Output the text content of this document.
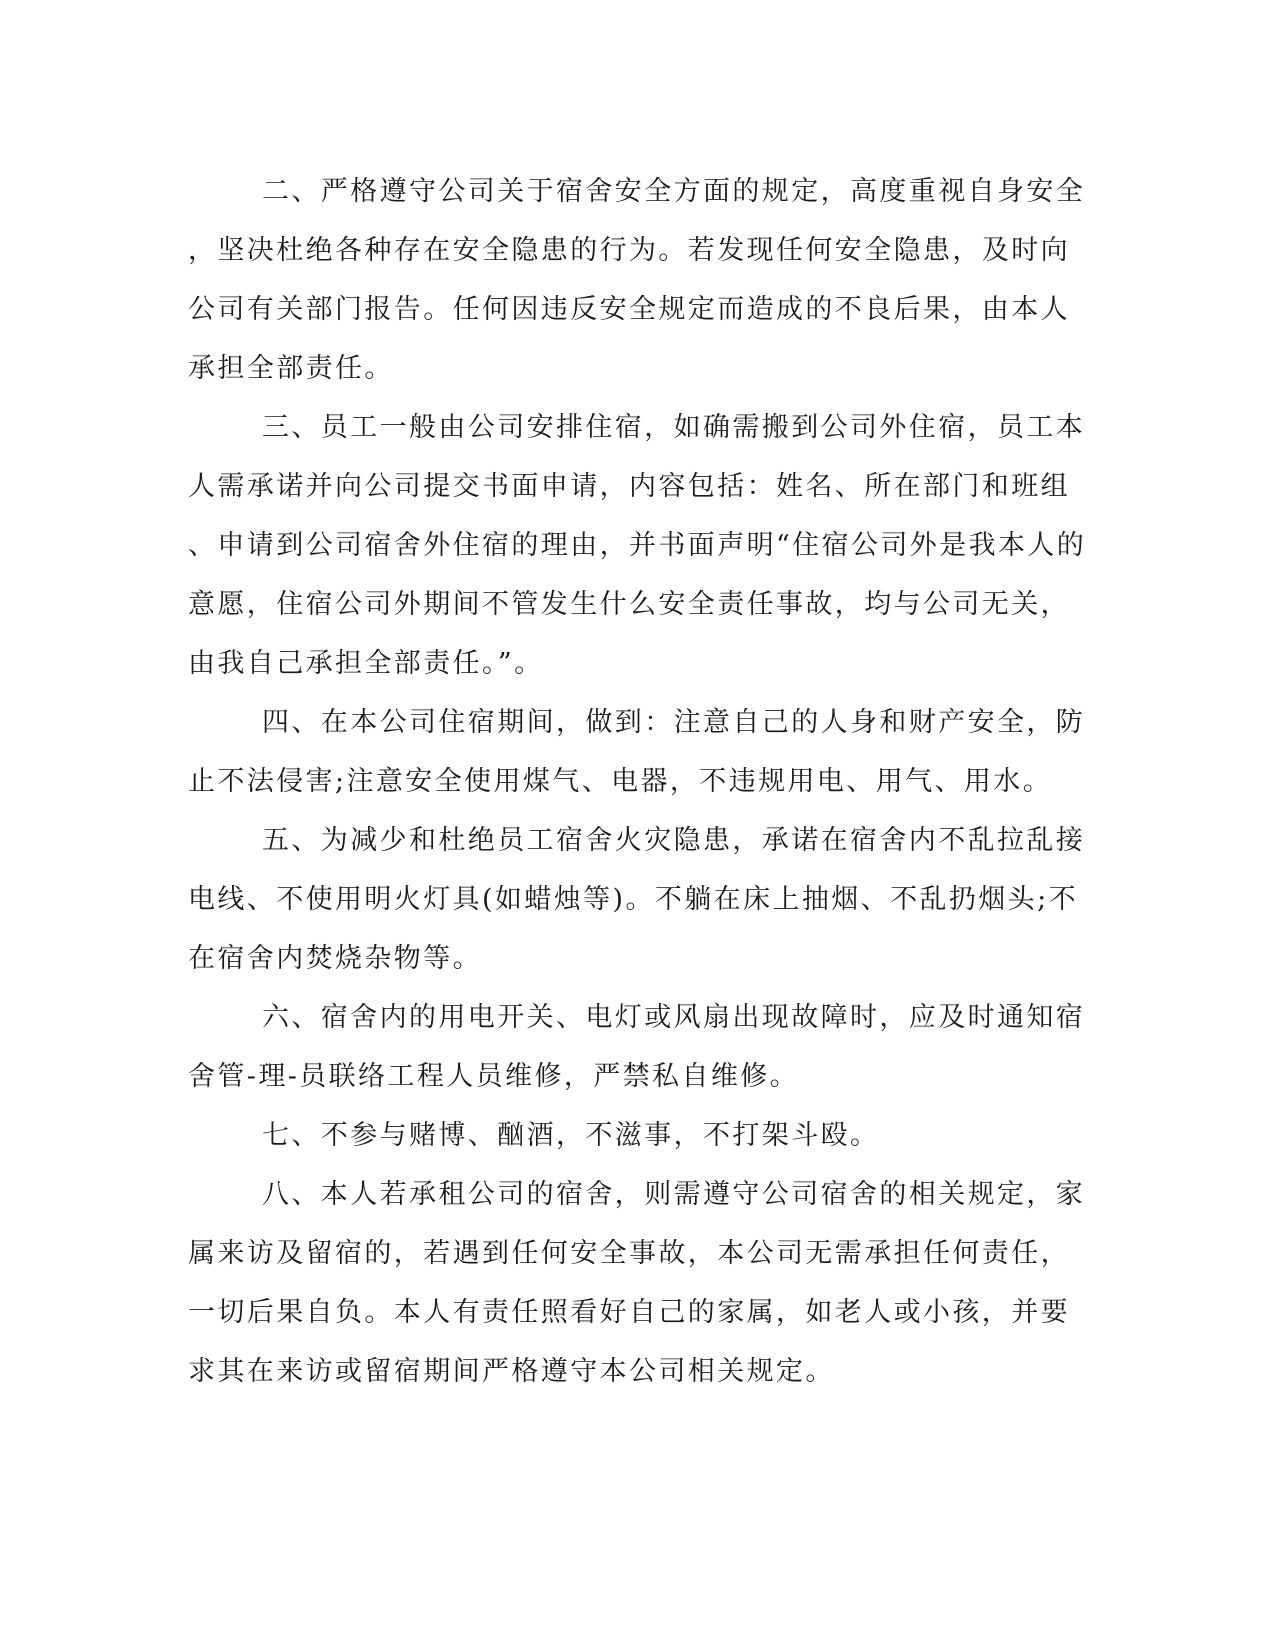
二、严格遵守公司关于宿舍安全方面的规定，高度重视自身安全
，坚决杜绝各种存在安全隐患的行为。若发现任何安全隐患，及时向
公司有关部门报告。任何因违反安全规定而造成的不良后果，由本人
承担全部责任。
三、员工一般由公司安排住宿，如确需搬到公司外住宿，员工本
人需承诺并向公司提交书面申请，内容包括：姓名、所在部门和班组
、申请到公司宿舍外住宿的理由，并书面声明“住宿公司外是我本人的
意愿，住宿公司外期间不管发生什么安全责任事故，均与公司无关，
由我自己承担全部责任。”。
四、在本公司住宿期间，做到：注意自己的人身和财产安全，防
止不法侵害;注意安全使用煤气、电器，不违规用电、用气、用水。
五、为减少和杜绝员工宿舍火灾隐患，承诺在宿舍内不乱拉乱接
电线、不使用明火灯具(如蜡烛等)。不躺在床上抽烟、不乱扔烟头;不
在宿舍内焚烧杂物等。
六、宿舍内的用电开关、电灯或风扇出现故障时，应及时通知宿
舍管-理-员联络工程人员维修，严禁私自维修。
七、不参与赌博、酗酒，不滋事，不打架斗殴。
八、本人若承租公司的宿舍，则需遵守公司宿舍的相关规定，家
属来访及留宿的，若遇到任何安全事故，本公司无需承担任何责任，
一切后果自负。本人有责任照看好自己的家属，如老人或小孩，并要
求其在来访或留宿期间严格遵守本公司相关规定。
